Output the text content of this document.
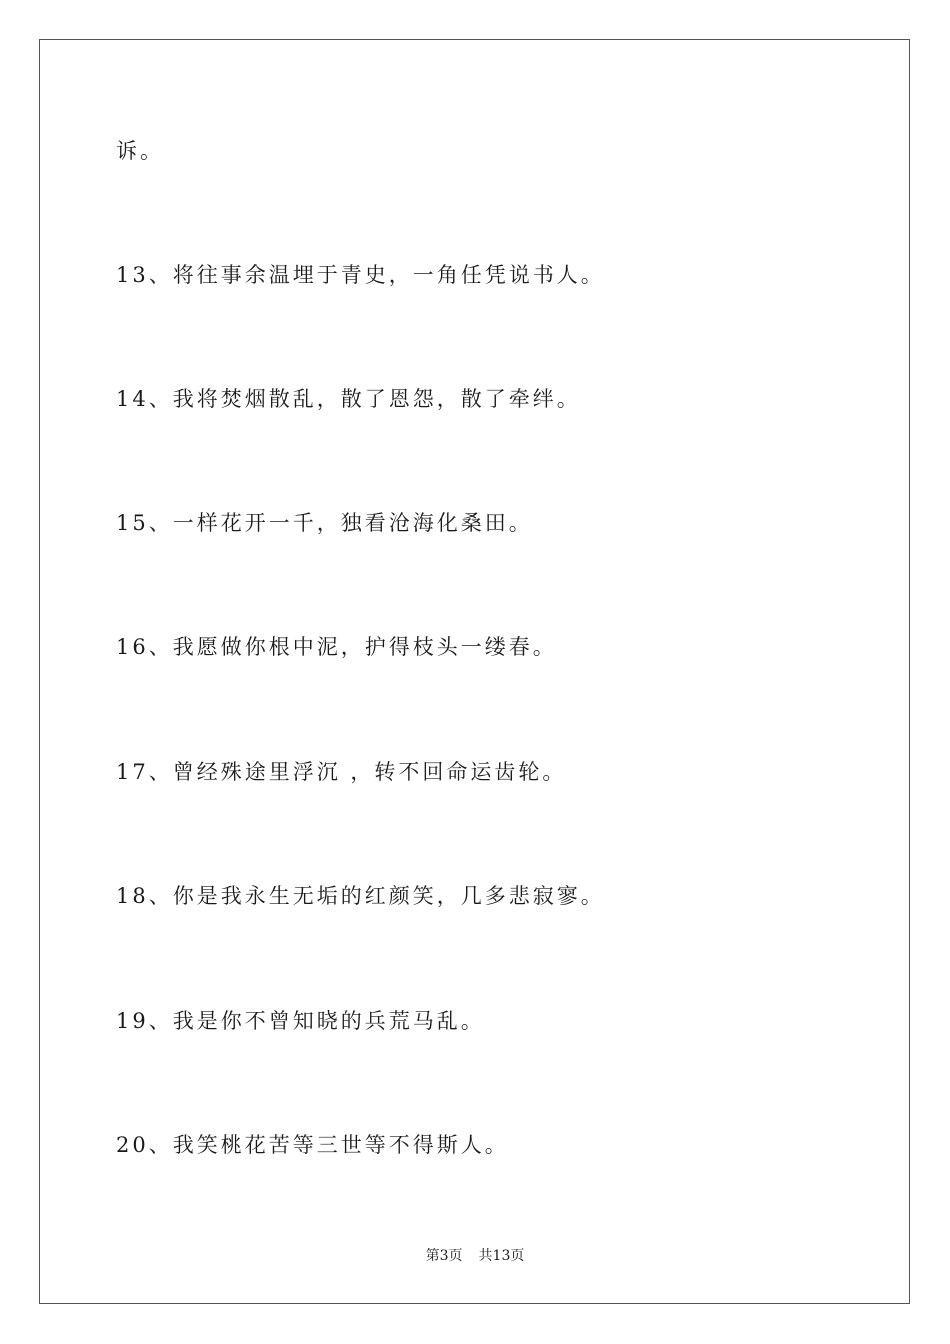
诉。
13、将往事余温埋于青史，一角任凭说书人。
14、我将焚烟散乱，散了恩怨，散了牵绊。
15、一样花开一千，独看沧海化桑田。
16、我愿做你根中泥，护得枝头一缕春。
17、曾经殊途里浮沉 ，转不回命运齿轮。
18、你是我永生无垢的红颜笑，几多悲寂寥。
19、我是你不曾知晓的兵荒马乱。
20、我笑桃花苦等三世等不得斯人。
第3页 共13页
